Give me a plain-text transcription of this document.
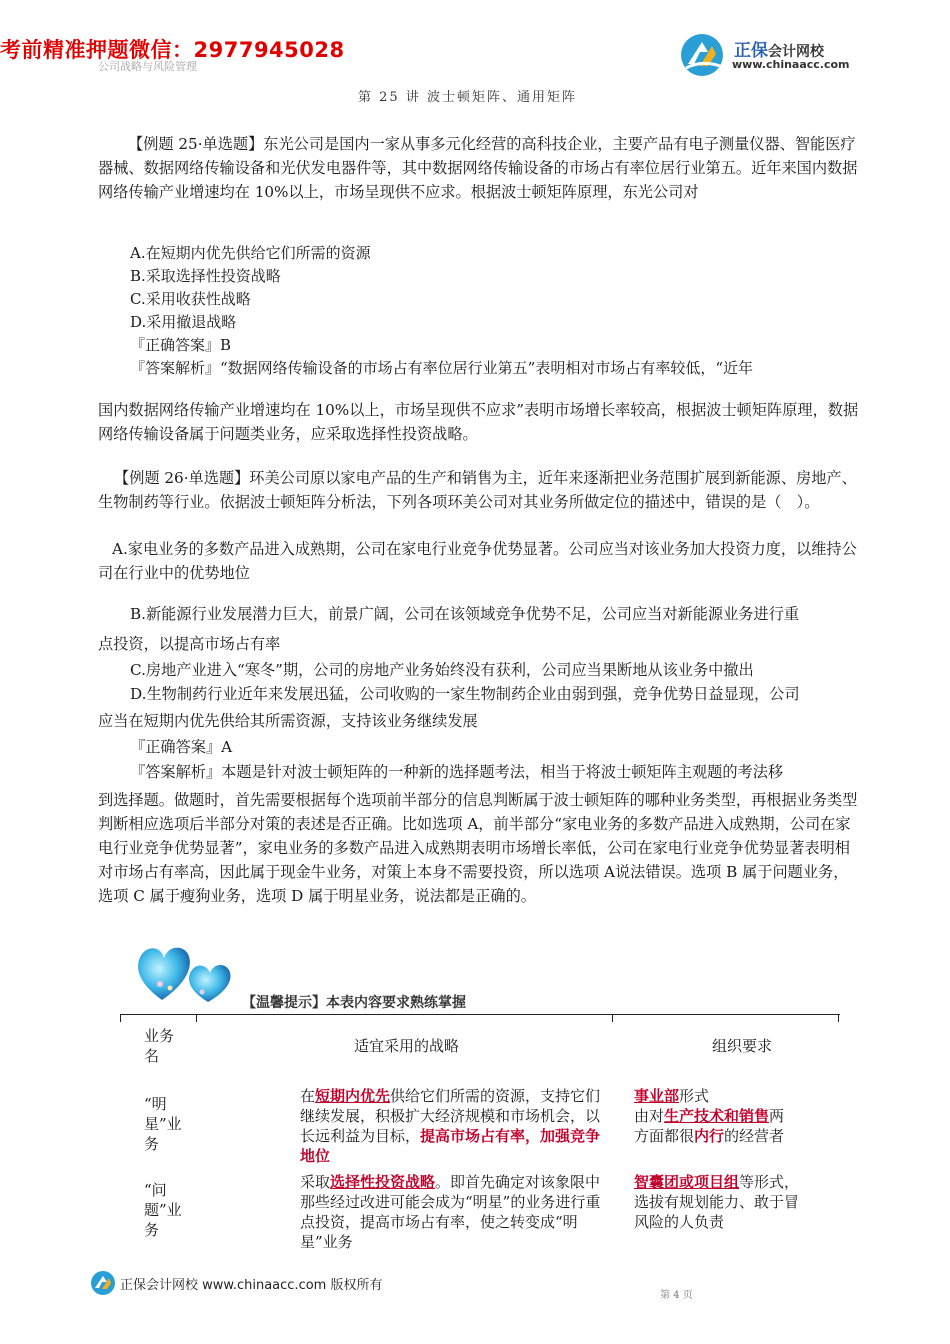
考前精准押题微信：2977945028
公司战略与风险管理
第 25 讲 波士顿矩阵、通用矩阵
正保会计网校
www.chinaacc.com
【例题 25·单选题】东光公司是国内一家从事多元化经营的高科技企业，主要产品有电子测量仪器、智能医疗器械、数据网络传输设备和光伏发电器件等，其中数据网络传输设备的市场占有率位居行业第五。近年来国内数据网络传输产业增速均在 10%以上，市场呈现供不应求。根据波士顿矩阵原理，东光公司对
A.在短期内优先供给它们所需的资源
B.采取选择性投资战略
C.采用收获性战略
D.采用撤退战略
『正确答案』B
『答案解析』“数据网络传输设备的市场占有率位居行业第五”表明相对市场占有率较低，“近年
国内数据网络传输产业增速均在 10%以上，市场呈现供不应求”表明市场增长率较高，根据波士顿矩阵原理，数据网络传输设备属于问题类业务，应采取选择性投资战略。
【例题 26·单选题】环美公司原以家电产品的生产和销售为主，近年来逐渐把业务范围扩展到新能源、房地产、生物制药等行业。依据波士顿矩阵分析法，下列各项环美公司对其业务所做定位的描述中，错误的是（　）。
A.家电业务的多数产品进入成熟期，公司在家电行业竞争优势显著。公司应当对该业务加大投资力度，以维持公司在行业中的优势地位
B.新能源行业发展潜力巨大，前景广阔，公司在该领域竞争优势不足，公司应当对新能源业务进行重
点投资，以提高市场占有率
C.房地产业进入“寒冬”期，公司的房地产业务始终没有获利，公司应当果断地从该业务中撤出
D.生物制药行业近年来发展迅猛，公司收购的一家生物制药企业由弱到强，竞争优势日益显现，公司
应当在短期内优先供给其所需资源，支持该业务继续发展
『正确答案』A
『答案解析』本题是针对波士顿矩阵的一种新的选择题考法，相当于将波士顿矩阵主观题的考法移
到选择题。做题时，首先需要根据每个选项前半部分的信息判断属于波士顿矩阵的哪种业务类型，再根据业务类型判断相应选项后半部分对策的表述是否正确。比如选项 A，前半部分“家电业务的多数产品进入成熟期，公司在家电行业竞争优势显著”，家电业务的多数产品进入成熟期表明市场增长率低，公司在家电行业竞争优势显著表明相对市场占有率高，因此属于现金牛业务，对策上本身不需要投资，所以选项 A说法错误。选项 B 属于问题业务，选项 C 属于瘦狗业务，选项 D 属于明星业务，说法都是正确的。
【温馨提示】本表内容要求熟练掌握
业务名	适宜采用的战略	组织要求

“明星”业务	在短期内优先供给它们所需的资源，支持它们继续发展，积极扩大经济规模和市场机会，以长远利益为目标，提高市场占有率，加强竞争地位	事业部形式
由对生产技术和销售两
方面都很内行的经营者

“问题”业务	采取选择性投资战略。即首先确定对该象限中那些经过改进可能会成为“明星”的业务进行重点投资，提高市场占有率，使之转变成“明星”业务	智囊团或项目组等形式，
选拔有规划能力、敢于冒
风险的人负责
正保会计网校 www.chinaacc.com 版权所有
第 4 页
